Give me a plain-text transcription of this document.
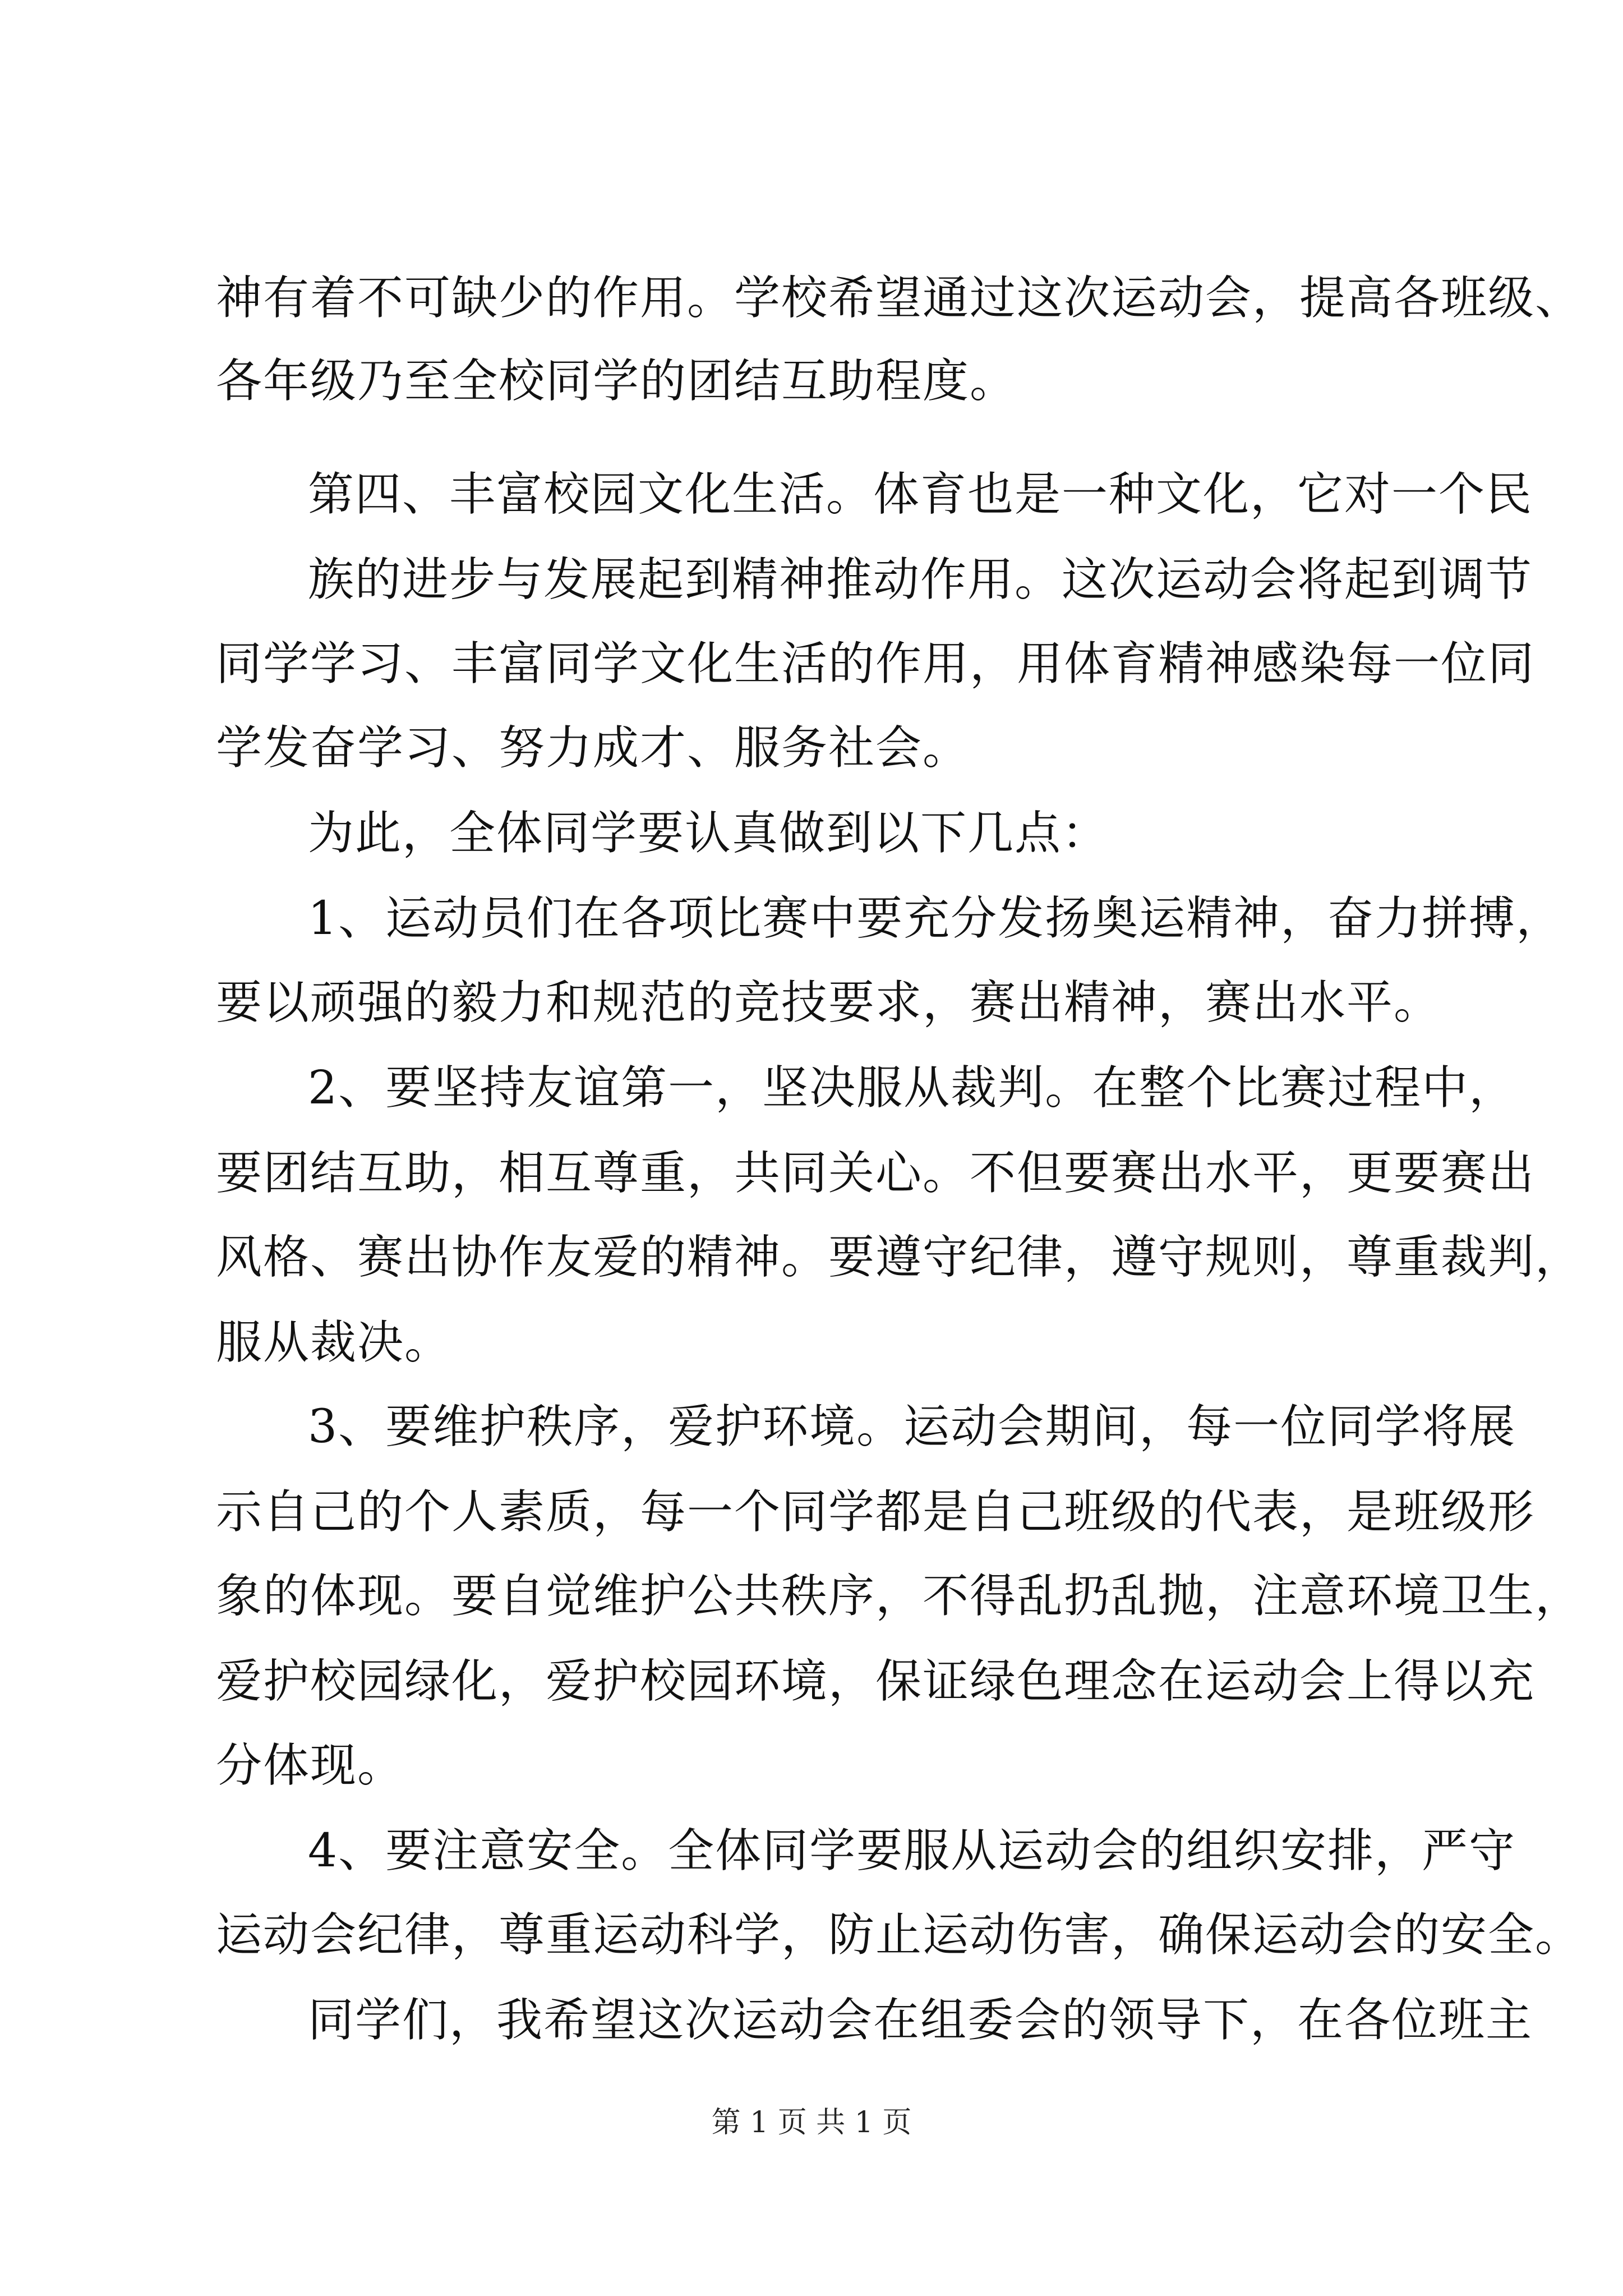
神有着不可缺少的作用。学校希望通过这次运动会，提高各班级、
各年级乃至全校同学的团结互助程度。
第四、丰富校园文化生活。体育也是一种文化，它对一个民
族的进步与发展起到精神推动作用。这次运动会将起到调节
同学学习、丰富同学文化生活的作用，用体育精神感染每一位同
学发奋学习、努力成才、服务社会。
为此，全体同学要认真做到以下几点：
1、运动员们在各项比赛中要充分发扬奥运精神，奋力拼搏，
要以顽强的毅力和规范的竞技要求，赛出精神，赛出水平。
2、要坚持友谊第一，坚决服从裁判。在整个比赛过程中，
要团结互助，相互尊重，共同关心。不但要赛出水平，更要赛出
风格、赛出协作友爱的精神。要遵守纪律，遵守规则，尊重裁判，
服从裁决。
3、要维护秩序，爱护环境。运动会期间，每一位同学将展
示自己的个人素质，每一个同学都是自己班级的代表，是班级形
象的体现。要自觉维护公共秩序，不得乱扔乱抛，注意环境卫生，
爱护校园绿化，爱护校园环境，保证绿色理念在运动会上得以充
分体现。
4、要注意安全。全体同学要服从运动会的组织安排，严守
运动会纪律，尊重运动科学，防止运动伤害，确保运动会的安全。
同学们，我希望这次运动会在组委会的领导下，在各位班主
第 1 页 共 1 页
